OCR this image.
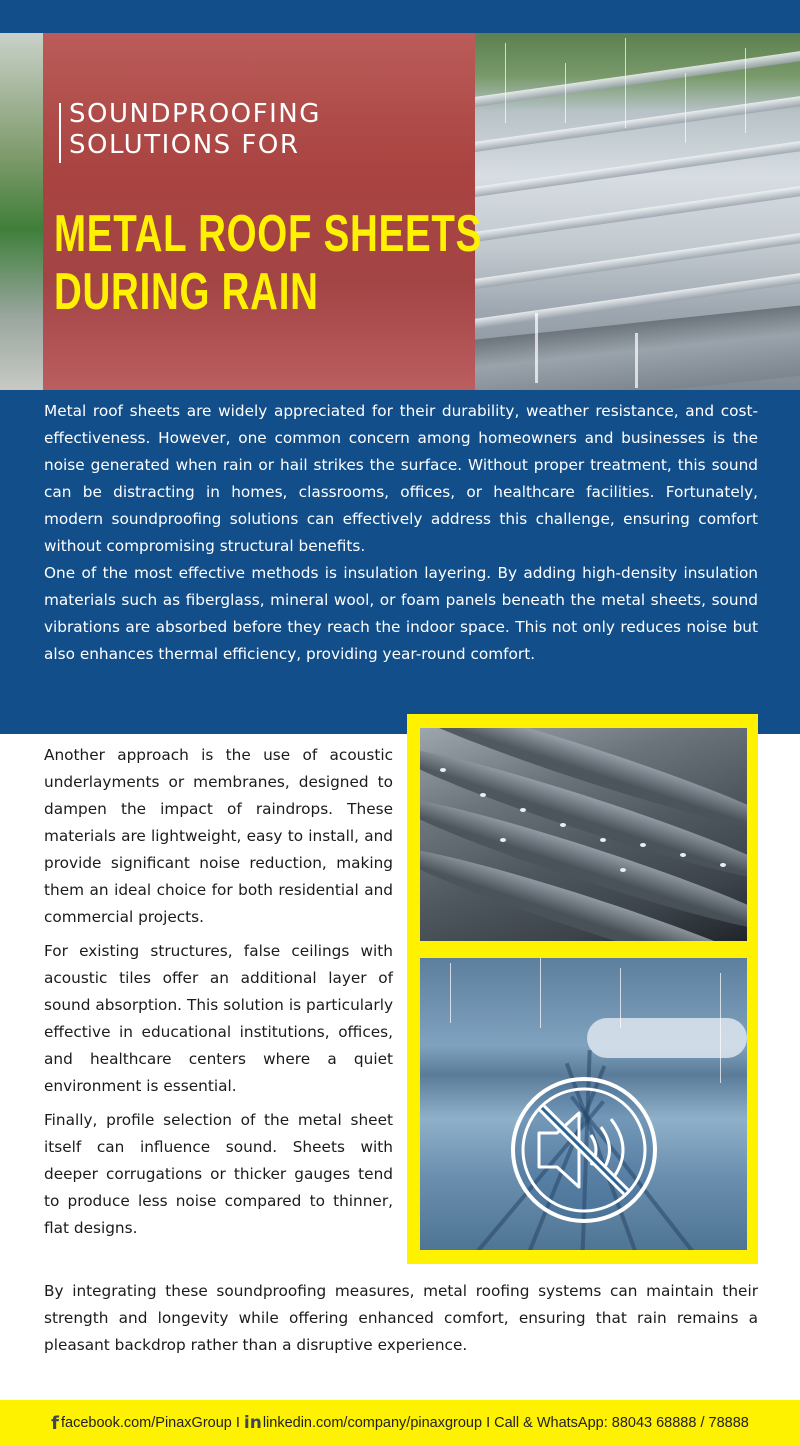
SOUNDPROOFING
SOLUTIONS FOR
METAL ROOF SHEETS
DURING RAIN

Metal roof sheets are widely appreciated for their durability, weather resistance, and cost-effectiveness. However, one common concern among homeowners and businesses is the noise generated when rain or hail strikes the surface. Without proper treatment, this sound can be distracting in homes, classrooms, offices, or healthcare facilities. Fortunately, modern soundproofing solutions can effectively address this challenge, ensuring comfort without compromising structural benefits.

One of the most effective methods is insulation layering. By adding high-density insulation materials such as fiberglass, mineral wool, or foam panels beneath the metal sheets, sound vibrations are absorbed before they reach the indoor space. This not only reduces noise but also enhances thermal efficiency, providing year-round comfort.

Another approach is the use of acoustic underlayments or membranes, designed to dampen the impact of raindrops. These materials are lightweight, easy to install, and provide significant noise reduction, making them an ideal choice for both residential and commercial projects.

For existing structures, false ceilings with acoustic tiles offer an additional layer of sound absorption. This solution is particularly effective in educational institutions, offices, and healthcare centers where a quiet environment is essential.

Finally, profile selection of the metal sheet itself can influence sound. Sheets with deeper corrugations or thicker gauges tend to produce less noise compared to thinner, flat designs.

By integrating these soundproofing measures, metal roofing systems can maintain their strength and longevity while offering enhanced comfort, ensuring that rain remains a pleasant backdrop rather than a disruptive experience.

f facebook.com/PinaxGroup I in linkedin.com/company/pinaxgroup I Call & WhatsApp: 88043 68888 / 78888
